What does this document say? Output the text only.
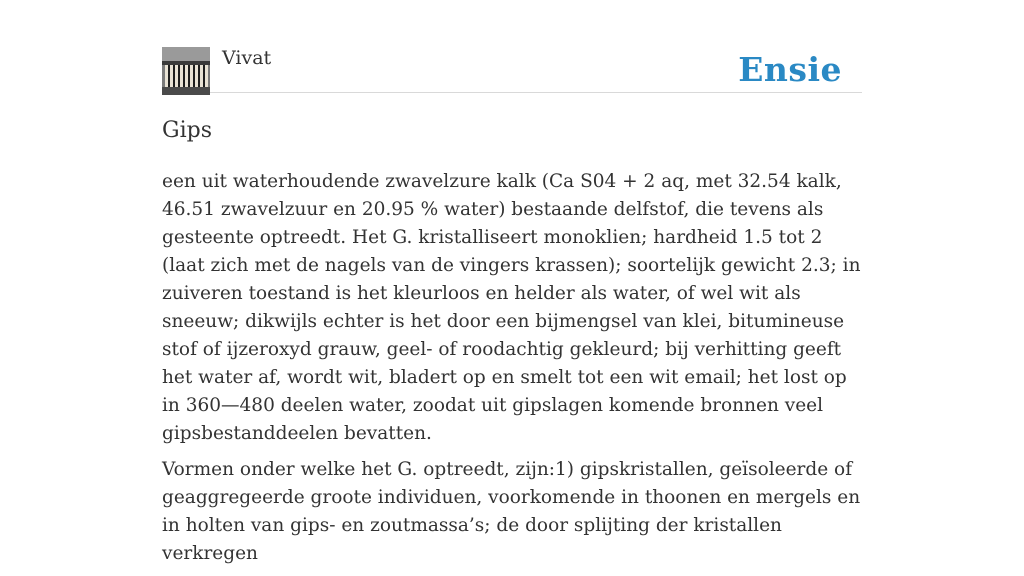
Vivat	Ensie
Gips

een uit waterhoudende zwavelzure kalk (Ca S04 + 2 aq, met 32.54 kalk, 46.51 zwavelzuur en 20.95 % water) bestaande delfstof, die tevens als gesteente optreedt. Het G. kristalliseert monoklien; hardheid 1.5 tot 2 (laat zich met de nagels van de vingers krassen); soortelijk gewicht 2.3; in zuiveren toestand is het kleurloos en helder als water, of wel wit als sneeuw; dikwijls echter is het door een bijmengsel van klei, bitumineuse stof of ijzeroxyd grauw, geel- of roodachtig gekleurd; bij verhitting geeft het water af, wordt wit, bladert op en smelt tot een wit email; het lost op in 360—480 deelen water, zoodat uit gipslagen komende bronnen veel gipsbestanddeelen bevatten.

Vormen onder welke het G. optreedt, zijn:1) gipskristallen, geïsoleerde of geaggregeerde groote individuen, voorkomende in thoonen en mergels en in holten van gips- en zoutmassa’s; de door splijting der kristallen verkregen
